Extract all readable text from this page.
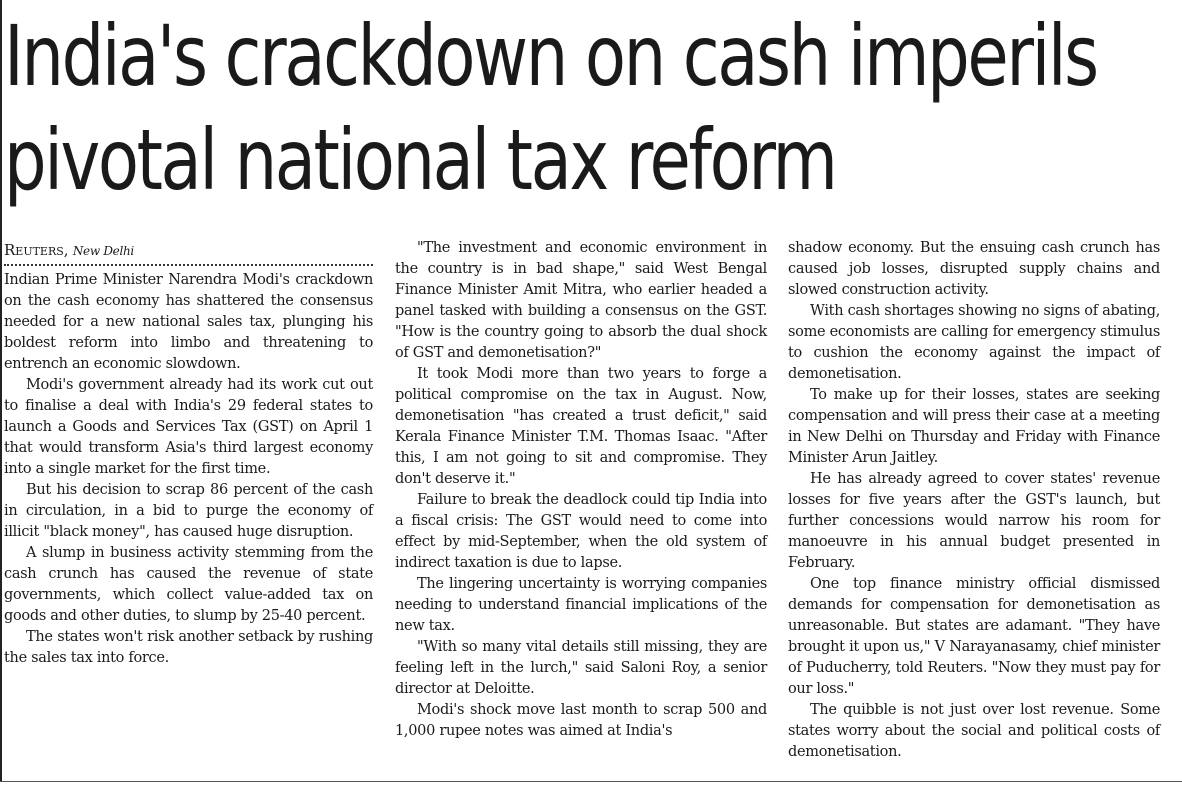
India's crackdown on cash imperils
pivotal national tax reform
Reuters, New Delhi

Indian Prime Minister Narendra Modi's crackdown on the cash economy has shattered the consensus needed for a new national sales tax, plunging his boldest reform into limbo and threatening to entrench an economic slowdown.

Modi's government already had its work cut out to finalise a deal with India's 29 federal states to launch a Goods and Services Tax (GST) on April 1 that would transform Asia's third largest economy into a single market for the first time.

But his decision to scrap 86 percent of the cash in circulation, in a bid to purge the economy of illicit "black money", has caused huge disruption.

A slump in business activity stemming from the cash crunch has caused the revenue of state governments, which collect value-added tax on goods and other duties, to slump by 25-40 percent.

The states won't risk another setback by rushing the sales tax into force.

"The investment and economic environment in the country is in bad shape," said West Bengal Finance Minister Amit Mitra, who earlier headed a panel tasked with building a consensus on the GST. "How is the country going to absorb the dual shock of GST and demonetisation?"

It took Modi more than two years to forge a political compromise on the tax in August. Now, demonetisation "has created a trust deficit," said Kerala Finance Minister T.M. Thomas Isaac. "After this, I am not going to sit and compromise. They don't deserve it."

Failure to break the deadlock could tip India into a fiscal crisis: The GST would need to come into effect by mid-September, when the old system of indirect taxation is due to lapse.

The lingering uncertainty is worrying companies needing to understand financial implications of the new tax.

"With so many vital details still missing, they are feeling left in the lurch," said Saloni Roy, a senior director at Deloitte.

Modi's shock move last month to scrap 500 and 1,000 rupee notes was aimed at India's

shadow economy. But the ensuing cash crunch has caused job losses, disrupted supply chains and slowed construction activity.

With cash shortages showing no signs of abating, some economists are calling for emergency stimulus to cushion the economy against the impact of demonetisation.

To make up for their losses, states are seeking compensation and will press their case at a meeting in New Delhi on Thursday and Friday with Finance Minister Arun Jaitley.

He has already agreed to cover states' revenue losses for five years after the GST's launch, but further concessions would narrow his room for manoeuvre in his annual budget presented in February.

One top finance ministry official dismissed demands for compensation for demonetisation as unreasonable. But states are adamant. "They have brought it upon us," V Narayanasamy, chief minister of Puducherry, told Reuters. "Now they must pay for our loss."

The quibble is not just over lost revenue. Some states worry about the social and political costs of demonetisation.
